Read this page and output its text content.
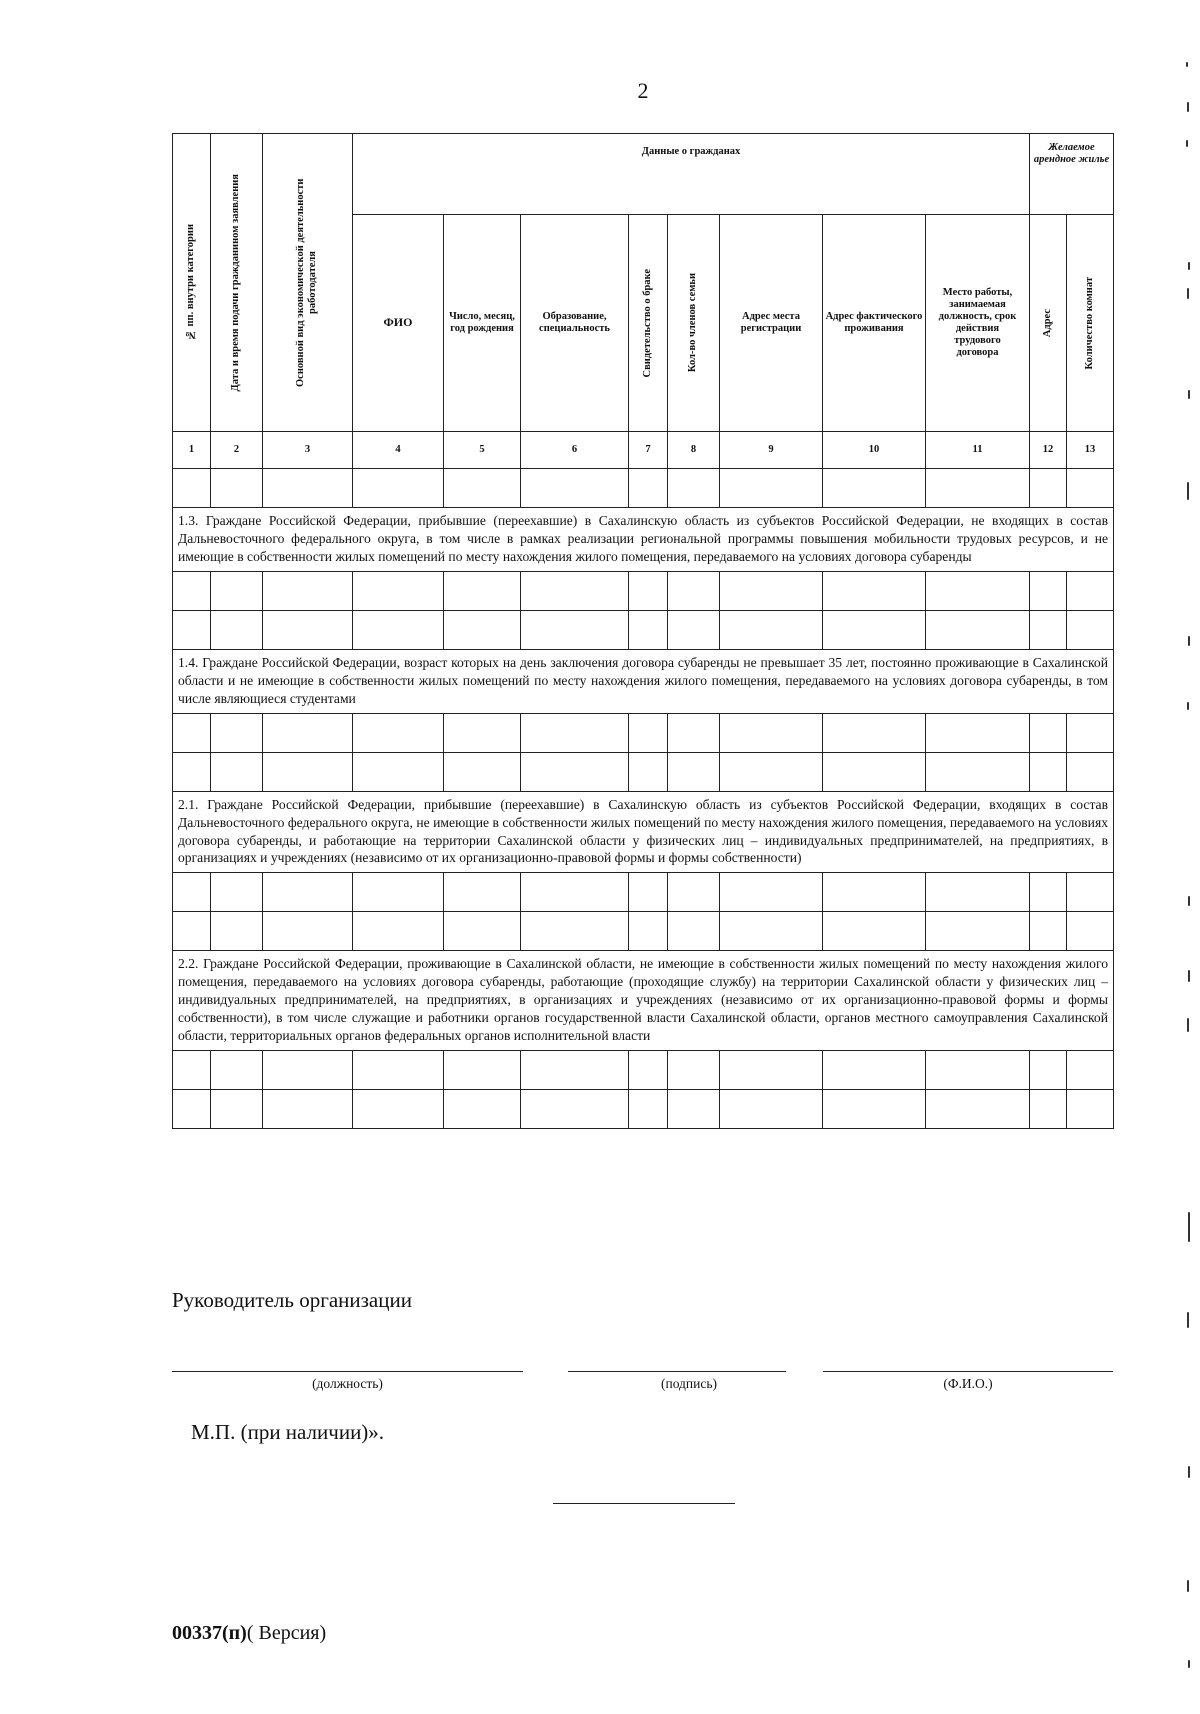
2
№ пп. внутри категории	Дата и время подачи гражданином заявления	Основной вид экономической деятельности работодателя	Данные о гражданах								Желаемое арендное жилье	
			ФИО	Число, месяц, год рождения	Образование, специальность	Свидетельство о браке	Кол-во членов семьи	Адрес места регистрации	Адрес фактического проживания	Место работы, занимаемая должность, срок действия трудового договора	Адрес	Количество комнат

1	2	3	4	5	6	7	8	9	10	11	12	13

1.3. Граждане Российской Федерации, прибывшие (переехавшие) в Сахалинскую область из субъектов Российской Федерации, не входящих в состав Дальневосточного федерального округа, в том числе в рамках реализации региональной программы повышения мобильности трудовых ресурсов, и не имеющие в собственности жилых помещений по месту нахождения жилого помещения, передаваемого на условиях договора субаренды												

1.4. Граждане Российской Федерации, возраст которых на день заключения договора субаренды не превышает 35 лет, постоянно проживающие в Сахалинской области и не имеющие в собственности жилых помещений по месту нахождения жилого помещения, передаваемого на условиях договора субаренды, в том числе являющиеся студентами												

2.1. Граждане Российской Федерации, прибывшие (переехавшие) в Сахалинскую область из субъектов Российской Федерации, входящих в состав Дальневосточного федерального округа, не имеющие в собственности жилых помещений по месту нахождения жилого помещения, передаваемого на условиях договора субаренды, и работающие на территории Сахалинской области у физических лиц – индивидуальных предпринимателей, на предприятиях, в организациях и учреждениях (независимо от их организационно-правовой формы и формы собственности)												

2.2. Граждане Российской Федерации, проживающие в Сахалинской области, не имеющие в собственности жилых помещений по месту нахождения жилого помещения, передаваемого на условиях договора субаренды, работающие (проходящие службу) на территории Сахалинской области у физических лиц – индивидуальных предпринимателей, на предприятиях, в организациях и учреждениях (независимо от их организационно-правовой формы и формы собственности), в том числе служащие и работники органов государственной власти Сахалинской области, органов местного самоуправления Сахалинской области, территориальных органов федеральных органов исполнительной власти												

Руководитель организации
(должность)	(подпись)	(Ф.И.О.)
М.П. (при наличии)».
00337(п)( Версия)
